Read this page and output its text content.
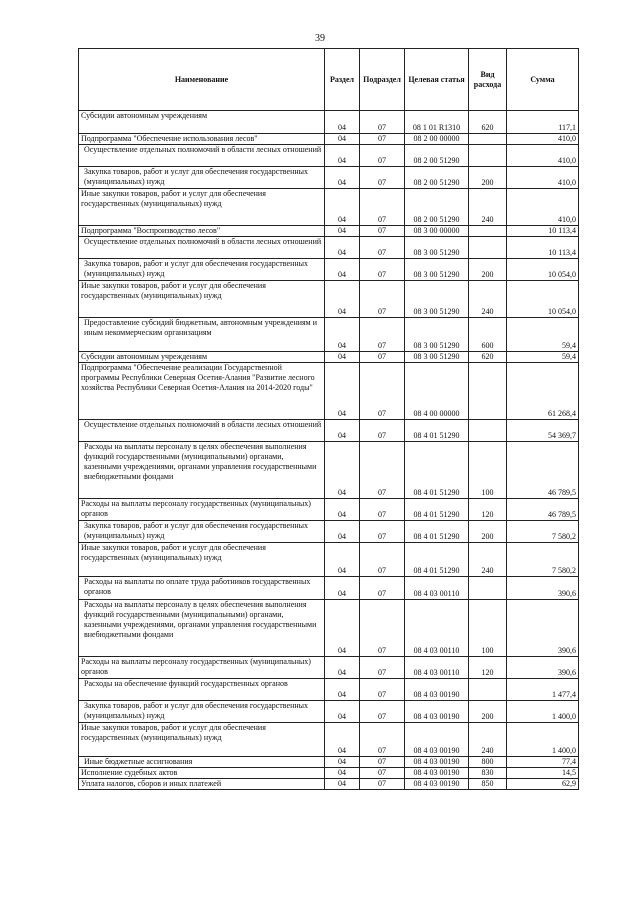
39
Наименование	Раздел	Подраздел	Целевая статья	Вид расхода	Сумма
Субсидии автономным учреждениям	04	07	08 1 01 R1310	620	117,1
Подпрограмма "Обеспечение использования лесов"	04	07	08 2 00 00000		410,0
Осуществление отдельных полномочий в области лесных отношений	04	07	08 2 00 51290		410,0
Закупка товаров, работ и услуг для обеспечения государственных (муниципальных) нужд	04	07	08 2 00 51290	200	410,0
Иные закупки товаров, работ и услуг для обеспечения государственных (муниципальных) нужд	04	07	08 2 00 51290	240	410,0
Подпрограмма "Воспроизводство лесов"	04	07	08 3 00 00000		10 113,4
Осуществление отдельных полномочий в области лесных отношений	04	07	08 3 00 51290		10 113,4
Закупка товаров, работ и услуг для обеспечения государственных (муниципальных) нужд	04	07	08 3 00 51290	200	10 054,0
Иные закупки товаров, работ и услуг для обеспечения государственных (муниципальных) нужд	04	07	08 3 00 51290	240	10 054,0
Предоставление субсидий бюджетным, автономным учреждениям и иным некоммерческим организациям	04	07	08 3 00 51290	600	59,4
Субсидии автономным учреждениям	04	07	08 3 00 51290	620	59,4
Подпрограмма "Обеспечение реализации Государственной программы Республики Северная Осетия-Алания "Развитие лесного хозяйства Республики Северная Осетия-Алания на 2014-2020 годы"	04	07	08 4 00 00000		61 268,4
Осуществление отдельных полномочий в области лесных отношений	04	07	08 4 01 51290		54 369,7
Расходы на выплаты персоналу в целях обеспечения выполнения функций государственными (муниципальными) органами, казенными учреждениями, органами управления государственными внебюджетными фондами	04	07	08 4 01 51290	100	46 789,5
Расходы на выплаты персоналу государственных (муниципальных) органов	04	07	08 4 01 51290	120	46 789,5
Закупка товаров, работ и услуг для обеспечения государственных (муниципальных) нужд	04	07	08 4 01 51290	200	7 580,2
Иные закупки товаров, работ и услуг для обеспечения государственных (муниципальных) нужд	04	07	08 4 01 51290	240	7 580,2
Расходы на выплаты по оплате труда работников государственных органов	04	07	08 4 03 00110		390,6
Расходы на выплаты персоналу в целях обеспечения выполнения функций государственными (муниципальными) органами, казенными учреждениями, органами управления государственными внебюджетными фондами	04	07	08 4 03 00110	100	390,6
Расходы на выплаты персоналу государственных (муниципальных) органов	04	07	08 4 03 00110	120	390,6
Расходы на обеспечение функций государственных органов	04	07	08 4 03 00190		1 477,4
Закупка товаров, работ и услуг для обеспечения государственных (муниципальных) нужд	04	07	08 4 03 00190	200	1 400,0
Иные закупки товаров, работ и услуг для обеспечения государственных (муниципальных) нужд	04	07	08 4 03 00190	240	1 400,0
Иные бюджетные ассигнования	04	07	08 4 03 00190	800	77,4
Исполнение судебных актов	04	07	08 4 03 00190	830	14,5
Уплата налогов, сборов и иных платежей	04	07	08 4 03 00190	850	62,9
